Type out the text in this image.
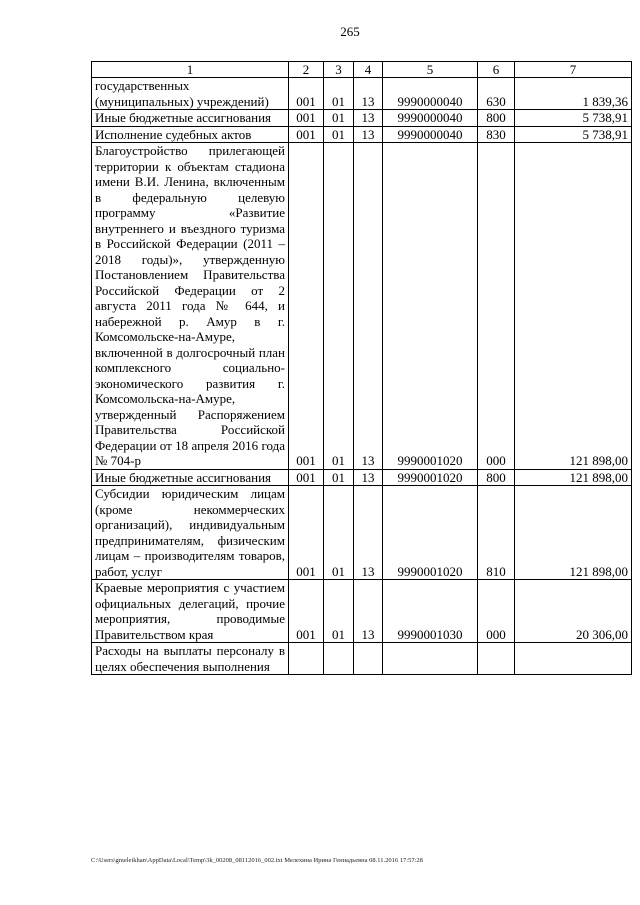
265
1	2	3	4	5	6	7
государственных (муниципальных) учреждений)	001	01	13	9990000040	630	1 839,36
Иные бюджетные ассигнования	001	01	13	9990000040	800	5 738,91
Исполнение судебных актов	001	01	13	9990000040	830	5 738,91
Благоустройство прилегающей территории к объектам стадиона имени В.И. Ленина, включенным в федеральную целевую программу «Развитие внутреннего и въездного туризма в Российской Федерации (2011 – 2018 годы)», утвержденную Постановлением Правительства Российской Федерации от 2 августа 2011 года № 644, и набережной р. Амур в г. Комсомольске-на-Амуре, включенной в долгосрочный план комплексного социально-экономического развития г. Комсомольска-на-Амуре, утвержденный Распоряжением Правительства Российской Федерации от 18 апреля 2016 года № 704-р	001	01	13	9990001020	000	121 898,00
Иные бюджетные ассигнования	001	01	13	9990001020	800	121 898,00
Субсидии юридическим лицам (кроме некоммерческих организаций), индивидуальным предпринимателям, физическим лицам – производителям товаров, работ, услуг	001	01	13	9990001020	810	121 898,00
Краевые мероприятия с участием официальных делегаций, прочие мероприятия, проводимые Правительством края	001	01	13	9990001030	000	20 306,00
Расходы на выплаты персоналу в целях обеспечения выполнения						
C:\Users\gmeleikhan\AppData\Local\Temp\3k_00208_08112016_002.txt Мелехина Ирина Геннадьевна 08.11.2016 17:57:28
